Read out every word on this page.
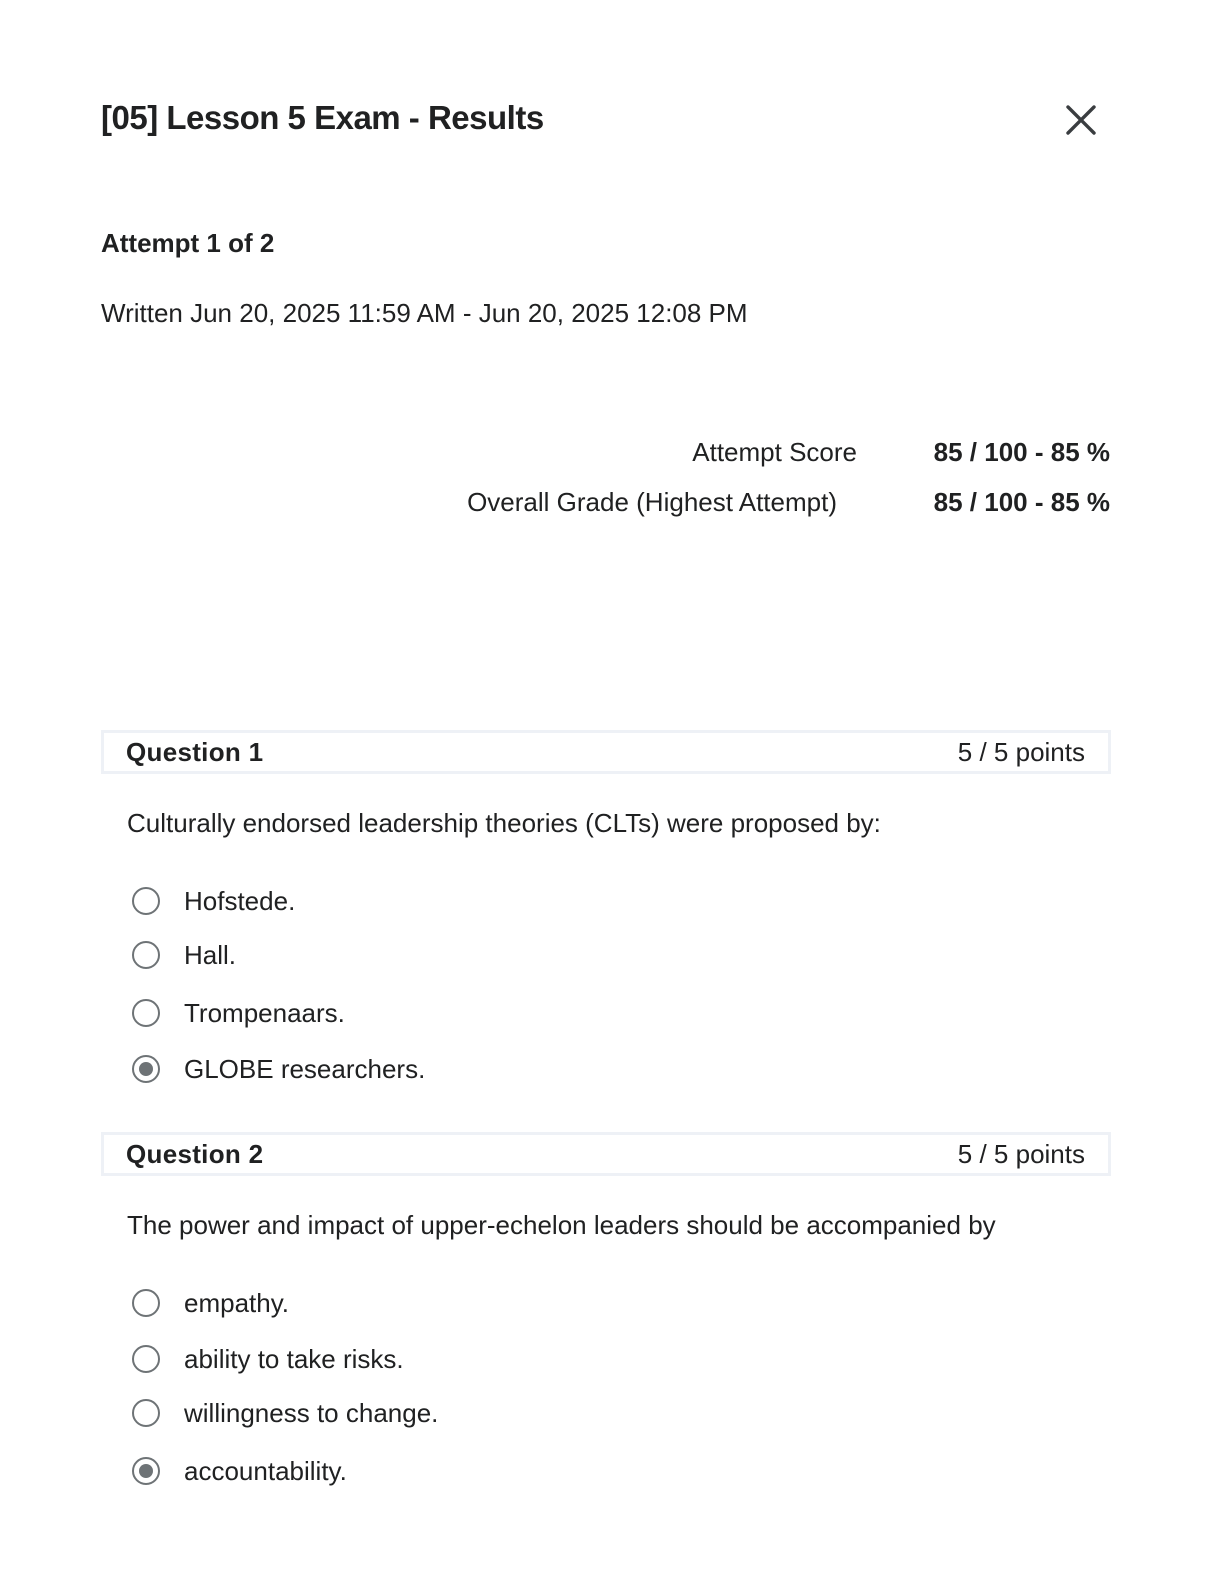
[05] Lesson 5 Exam - Results
Attempt 1 of 2
Written Jun 20, 2025 11:59 AM - Jun 20, 2025 12:08 PM
Attempt Score	85 / 100 - 85 %
Overall Grade (Highest Attempt)	85 / 100 - 85 %
Question 1	5 / 5 points
Culturally endorsed leadership theories (CLTs) were proposed by:
Hofstede.
Hall.
Trompenaars.
GLOBE researchers.
Question 2	5 / 5 points
The power and impact of upper-echelon leaders should be accompanied by
empathy.
ability to take risks.
willingness to change.
accountability.
